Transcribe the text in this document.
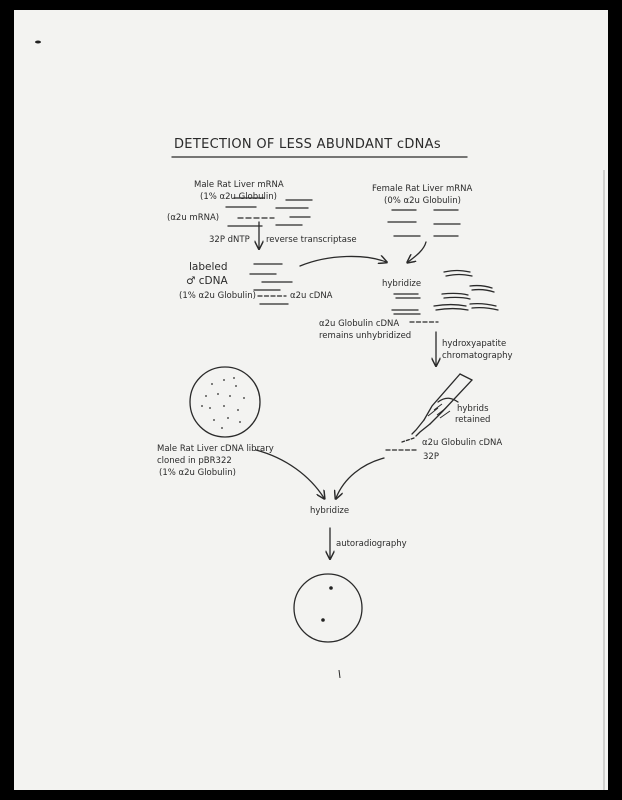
DETECTION OF LESS ABUNDANT cDNAs
Male Rat Liver mRNA
(1% α2u Globulin)
(α2u mRNA)
Female Rat Liver mRNA
(0% α2u Globulin)
32P dNTP reverse transcriptase
labeled
♂ cDNA
(1% α2u Globulin)	α2u cDNA
hybridize
α2u Globulin cDNA
remains unhybridized
hydroxyapatite
chromatography
hybrids
retained
α2u Globulin cDNA
32P
Male Rat Liver cDNA library
cloned in pBR322
(1% α2u Globulin)
hybridize
autoradiography
